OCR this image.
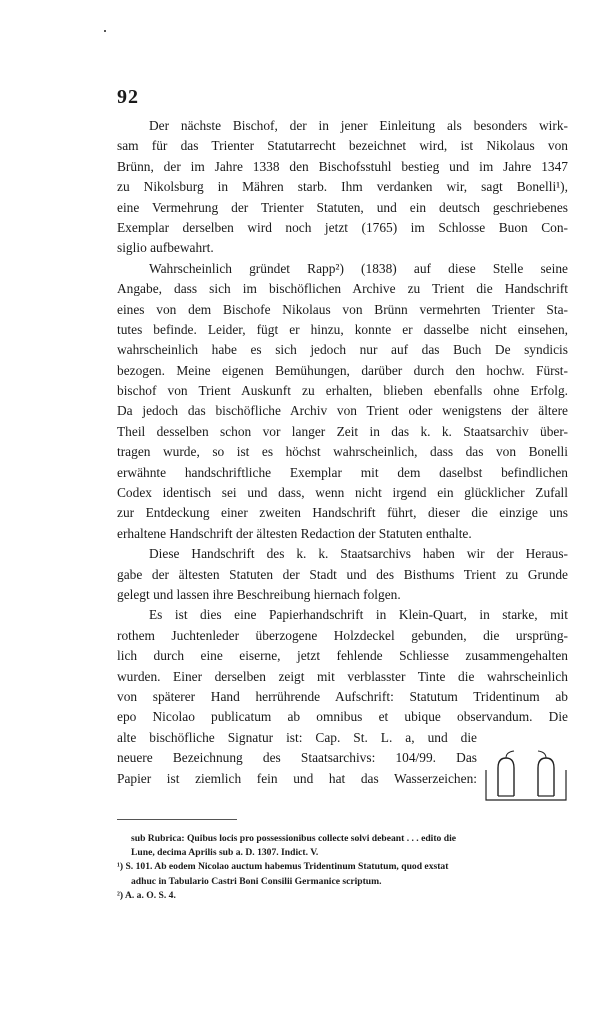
92
Der nächste Bischof, der in jener Einleitung als besonders wirk-
sam für das Trienter Statutarrecht bezeichnet wird, ist Nikolaus von
Brünn, der im Jahre 1338 den Bischofsstuhl bestieg und im Jahre 1347
zu Nikolsburg in Mähren starb. Ihm verdanken wir, sagt Bonelli¹),
eine Vermehrung der Trienter Statuten, und ein deutsch geschriebenes
Exemplar derselben wird noch jetzt (1765) im Schlosse Buon Con-
siglio aufbewahrt.
Wahrscheinlich gründet Rapp²) (1838) auf diese Stelle seine
Angabe, dass sich im bischöflichen Archive zu Trient die Handschrift
eines von dem Bischofe Nikolaus von Brünn vermehrten Trienter Sta-
tutes befinde. Leider, fügt er hinzu, konnte er dasselbe nicht einsehen,
wahrscheinlich habe es sich jedoch nur auf das Buch De syndicis
bezogen. Meine eigenen Bemühungen, darüber durch den hochw. Fürst-
bischof von Trient Auskunft zu erhalten, blieben ebenfalls ohne Erfolg.
Da jedoch das bischöfliche Archiv von Trient oder wenigstens der ältere
Theil desselben schon vor langer Zeit in das k. k. Staatsarchiv über-
tragen wurde, so ist es höchst wahrscheinlich, dass das von Bonelli
erwähnte handschriftliche Exemplar mit dem daselbst befindlichen
Codex identisch sei und dass, wenn nicht irgend ein glücklicher Zufall
zur Entdeckung einer zweiten Handschrift führt, dieser die einzige uns
erhaltene Handschrift der ältesten Redaction der Statuten enthalte.
Diese Handschrift des k. k. Staatsarchivs haben wir der Heraus-
gabe der ältesten Statuten der Stadt und des Bisthums Trient zu Grunde
gelegt und lassen ihre Beschreibung hiernach folgen.
Es ist dies eine Papierhandschrift in Klein-Quart, in starke, mit
rothem Juchtenleder überzogene Holzdeckel gebunden, die ursprüng-
lich durch eine eiserne, jetzt fehlende Schliesse zusammengehalten
wurden. Einer derselben zeigt mit verblasster Tinte die wahrscheinlich
von späterer Hand herrührende Aufschrift: Statutum Tridentinum ab
epo Nicolao publicatum ab omnibus et ubique observandum. Die
alte bischöfliche Signatur ist: Cap. St. L. a, und die
neuere Bezeichnung des Staatsarchivs: 104/99. Das
Papier ist ziemlich fein und hat das Wasserzeichen:
sub Rubrica: Quibus locis pro possessionibus collecte solvi debeant . . . edito die
Lune, decima Aprilis sub a. D. 1307. Indict. V.
¹) S. 101. Ab eodem Nicolao auctum habemus Tridentinum Statutum, quod exstat
adhuc in Tabulario Castri Boni Consilii Germanice scriptum.
²) A. a. O. S. 4.
